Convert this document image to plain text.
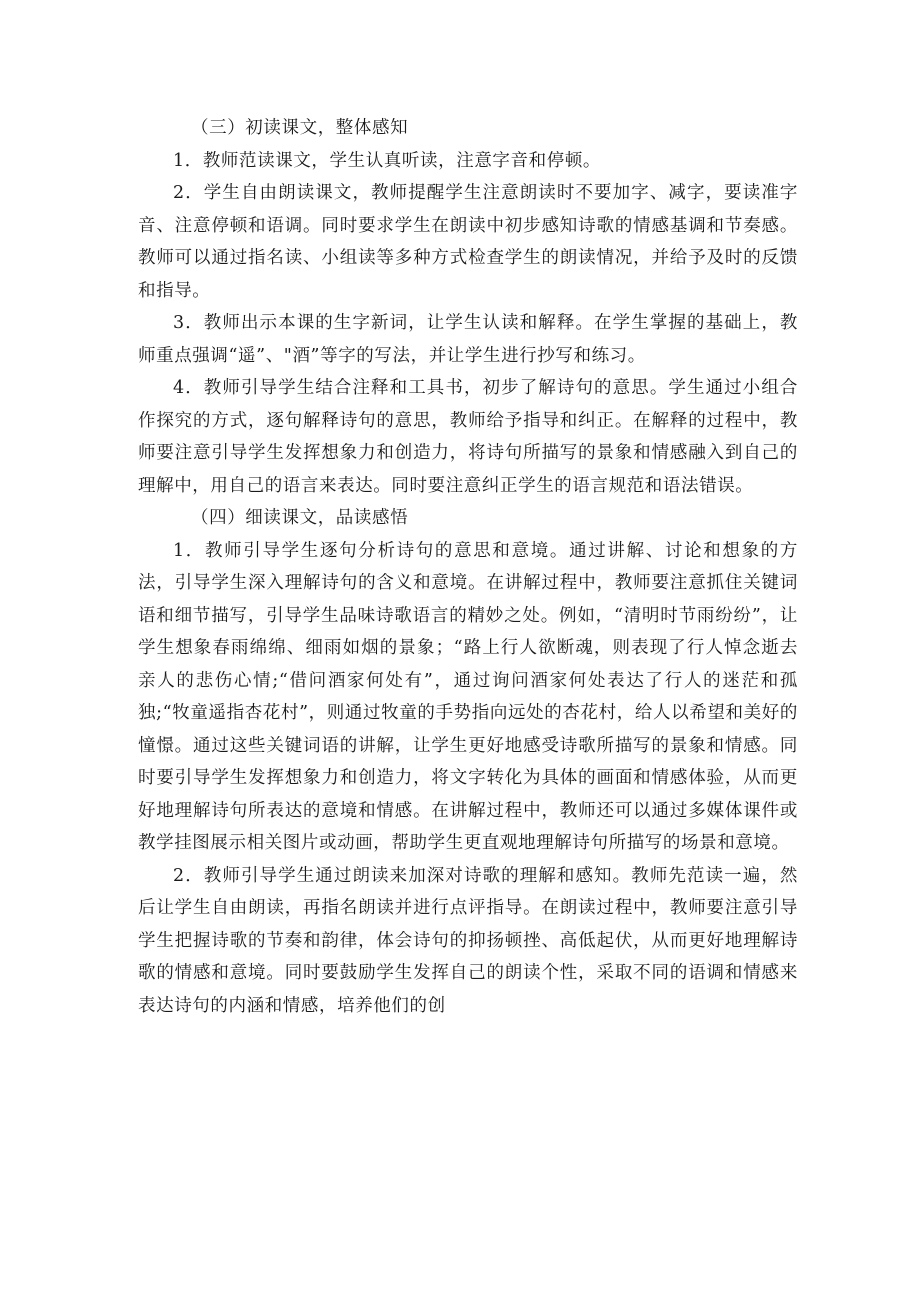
（三）初读课文，整体感知

1．教师范读课文，学生认真听读，注意字音和停顿。

2．学生自由朗读课文，教师提醒学生注意朗读时不要加字、减字，要读准字音、注意停顿和语调。同时要求学生在朗读中初步感知诗歌的情感基调和节奏感。教师可以通过指名读、小组读等多种方式检查学生的朗读情况，并给予及时的反馈和指导。

3．教师出示本课的生字新词，让学生认读和解释。在学生掌握的基础上，教师重点强调“遥”、"酒”等字的写法，并让学生进行抄写和练习。

4．教师引导学生结合注释和工具书，初步了解诗句的意思。学生通过小组合作探究的方式，逐句解释诗句的意思，教师给予指导和纠正。在解释的过程中，教师要注意引导学生发挥想象力和创造力，将诗句所描写的景象和情感融入到自己的理解中，用自己的语言来表达。同时要注意纠正学生的语言规范和语法错误。

（四）细读课文，品读感悟

1．教师引导学生逐句分析诗句的意思和意境。通过讲解、讨论和想象的方法，引导学生深入理解诗句的含义和意境。在讲解过程中，教师要注意抓住关键词语和细节描写，引导学生品味诗歌语言的精妙之处。例如，“清明时节雨纷纷”，让学生想象春雨绵绵、细雨如烟的景象；“路上行人欲断魂，则表现了行人悼念逝去亲人的悲伤心情;“借问酒家何处有”，通过询问酒家何处表达了行人的迷茫和孤独;“牧童遥指杏花村”，则通过牧童的手势指向远处的杏花村，给人以希望和美好的憧憬。通过这些关键词语的讲解，让学生更好地感受诗歌所描写的景象和情感。同时要引导学生发挥想象力和创造力，将文字转化为具体的画面和情感体验，从而更好地理解诗句所表达的意境和情感。在讲解过程中，教师还可以通过多媒体课件或教学挂图展示相关图片或动画，帮助学生更直观地理解诗句所描写的场景和意境。

2．教师引导学生通过朗读来加深对诗歌的理解和感知。教师先范读一遍，然后让学生自由朗读，再指名朗读并进行点评指导。在朗读过程中，教师要注意引导学生把握诗歌的节奏和韵律，体会诗句的抑扬顿挫、高低起伏，从而更好地理解诗歌的情感和意境。同时要鼓励学生发挥自己的朗读个性，采取不同的语调和情感来表达诗句的内涵和情感，培养他们的创
